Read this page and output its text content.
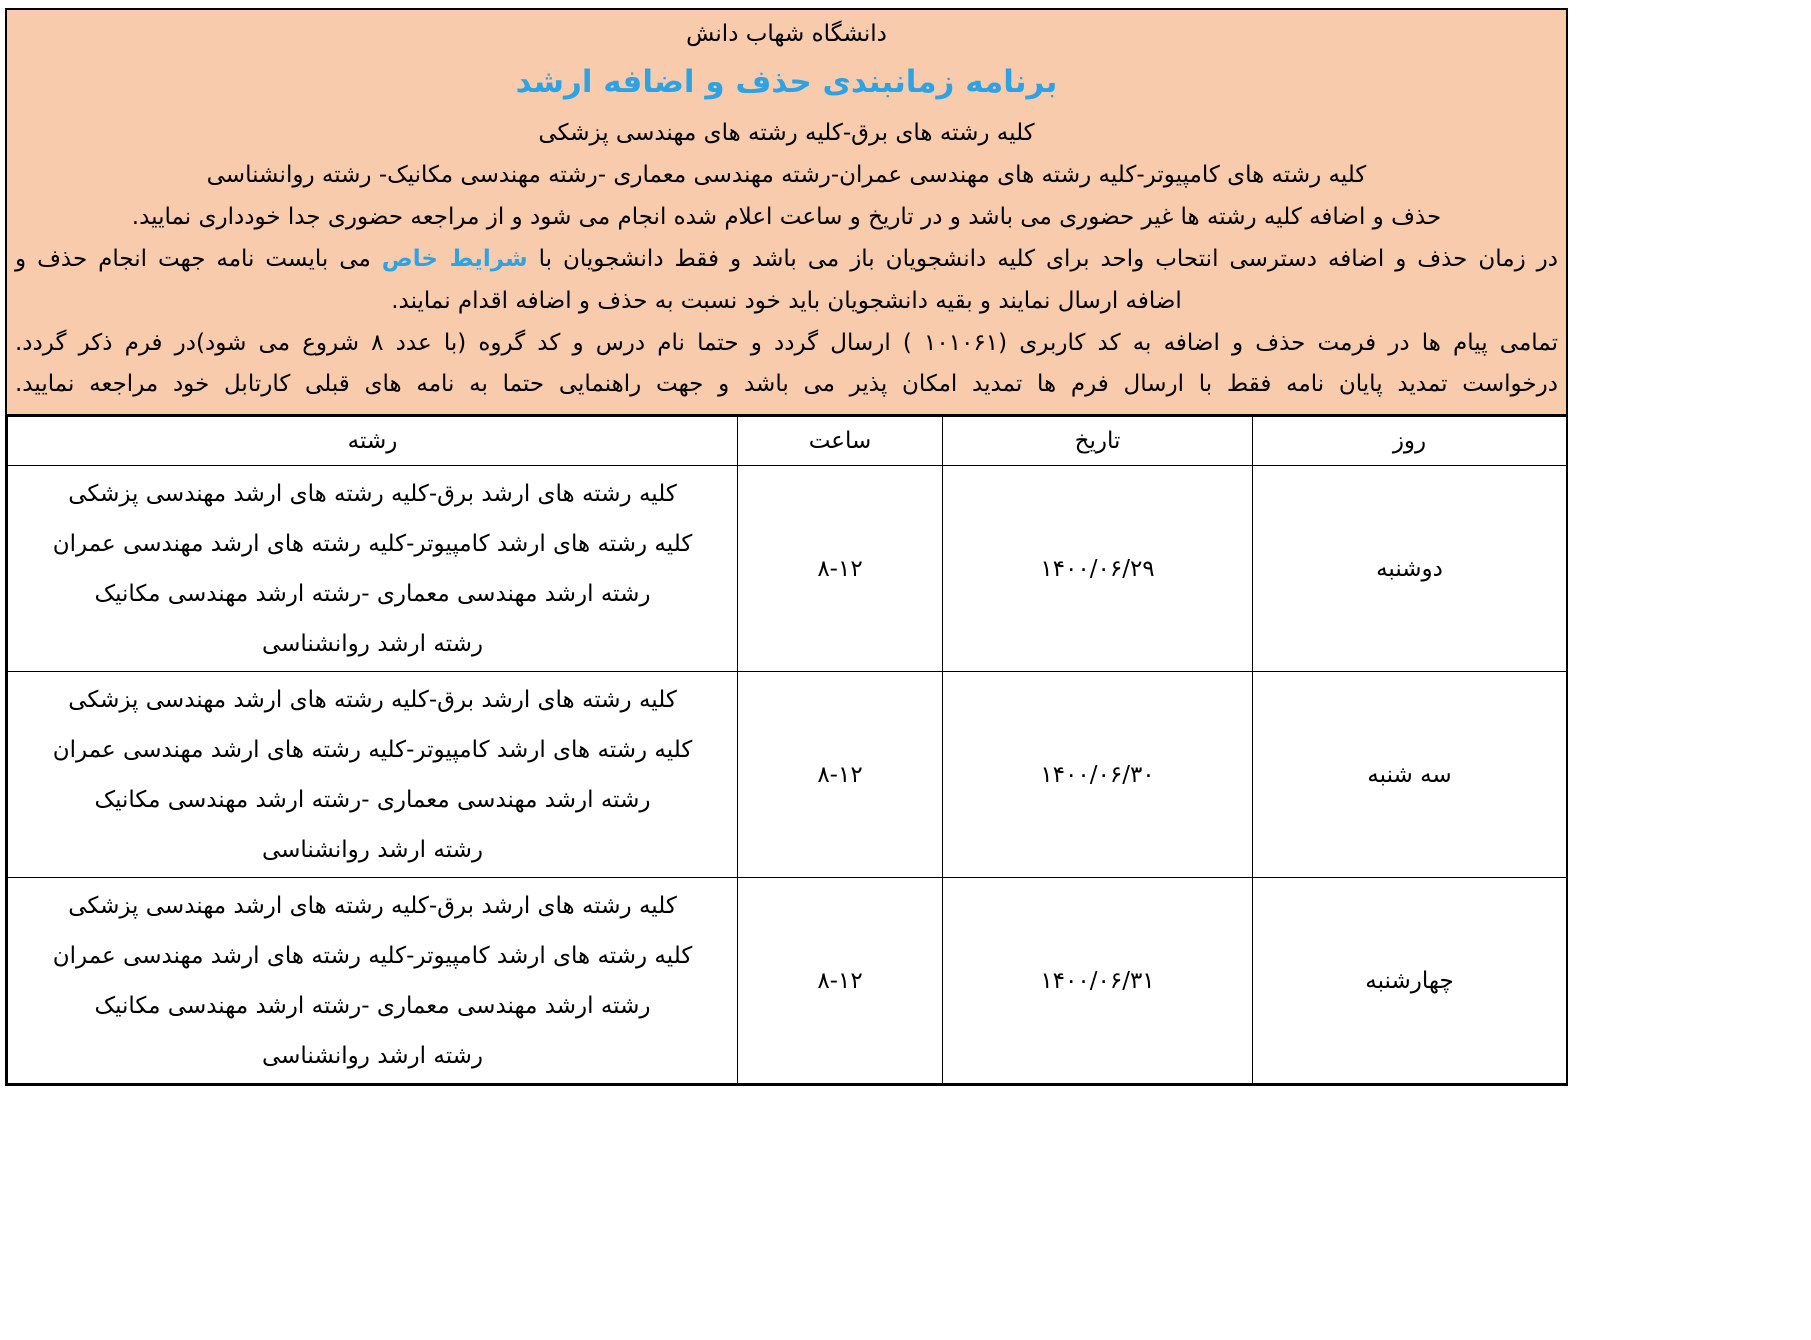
دانشگاه شهاب دانش
برنامه زمانبندی حذف و اضافه ارشد
کلیه رشته های برق-کلیه رشته های مهندسی پزشکی
کلیه رشته های کامپیوتر-کلیه رشته های مهندسی عمران-رشته مهندسی معماری -رشته مهندسی مکانیک- رشته روانشناسی
حذف و اضافه کلیه رشته ها غیر حضوری می باشد و در تاریخ و ساعت اعلام شده انجام می شود و از مراجعه حضوری جدا خودداری نمایید.
در زمان حذف و اضافه دسترسی انتحاب واحد برای کلیه دانشجویان باز می باشد و فقط دانشجویان با شرایط خاص می بایست نامه جهت انجام حذف و
اضافه ارسال نمایند و بقیه دانشجویان باید خود نسبت به حذف و اضافه اقدام نمایند.
تمامی پیام ها در فرمت حذف و اضافه به کد کاربری (۱۰۱۰۶۱ ) ارسال گردد و حتما نام درس و کد گروه (با عدد ۸ شروع می شود)در فرم ذکر گردد.
درخواست تمدید پایان نامه فقط با ارسال فرم ها تمدید امکان پذیر می باشد و جهت راهنمایی حتما به نامه های قبلی کارتابل خود مراجعه نمایید.
روز	تاریخ	ساعت	رشته
دوشنبه	۱۴۰۰/۰۶/۲۹	۸-۱۲	کلیه رشته های ارشد برق-کلیه رشته های ارشد مهندسی پزشکی
کلیه رشته های ارشد کامپیوتر-کلیه رشته های ارشد مهندسی عمران
رشته ارشد مهندسی معماری -رشته ارشد مهندسی مکانیک
رشته ارشد روانشناسی

سه شنبه	۱۴۰۰/۰۶/۳۰	۸-۱۲	کلیه رشته های ارشد برق-کلیه رشته های ارشد مهندسی پزشکی
کلیه رشته های ارشد کامپیوتر-کلیه رشته های ارشد مهندسی عمران
رشته ارشد مهندسی معماری -رشته ارشد مهندسی مکانیک
رشته ارشد روانشناسی

چهارشنبه	۱۴۰۰/۰۶/۳۱	۸-۱۲	کلیه رشته های ارشد برق-کلیه رشته های ارشد مهندسی پزشکی
کلیه رشته های ارشد کامپیوتر-کلیه رشته های ارشد مهندسی عمران
رشته ارشد مهندسی معماری -رشته ارشد مهندسی مکانیک
رشته ارشد روانشناسی
